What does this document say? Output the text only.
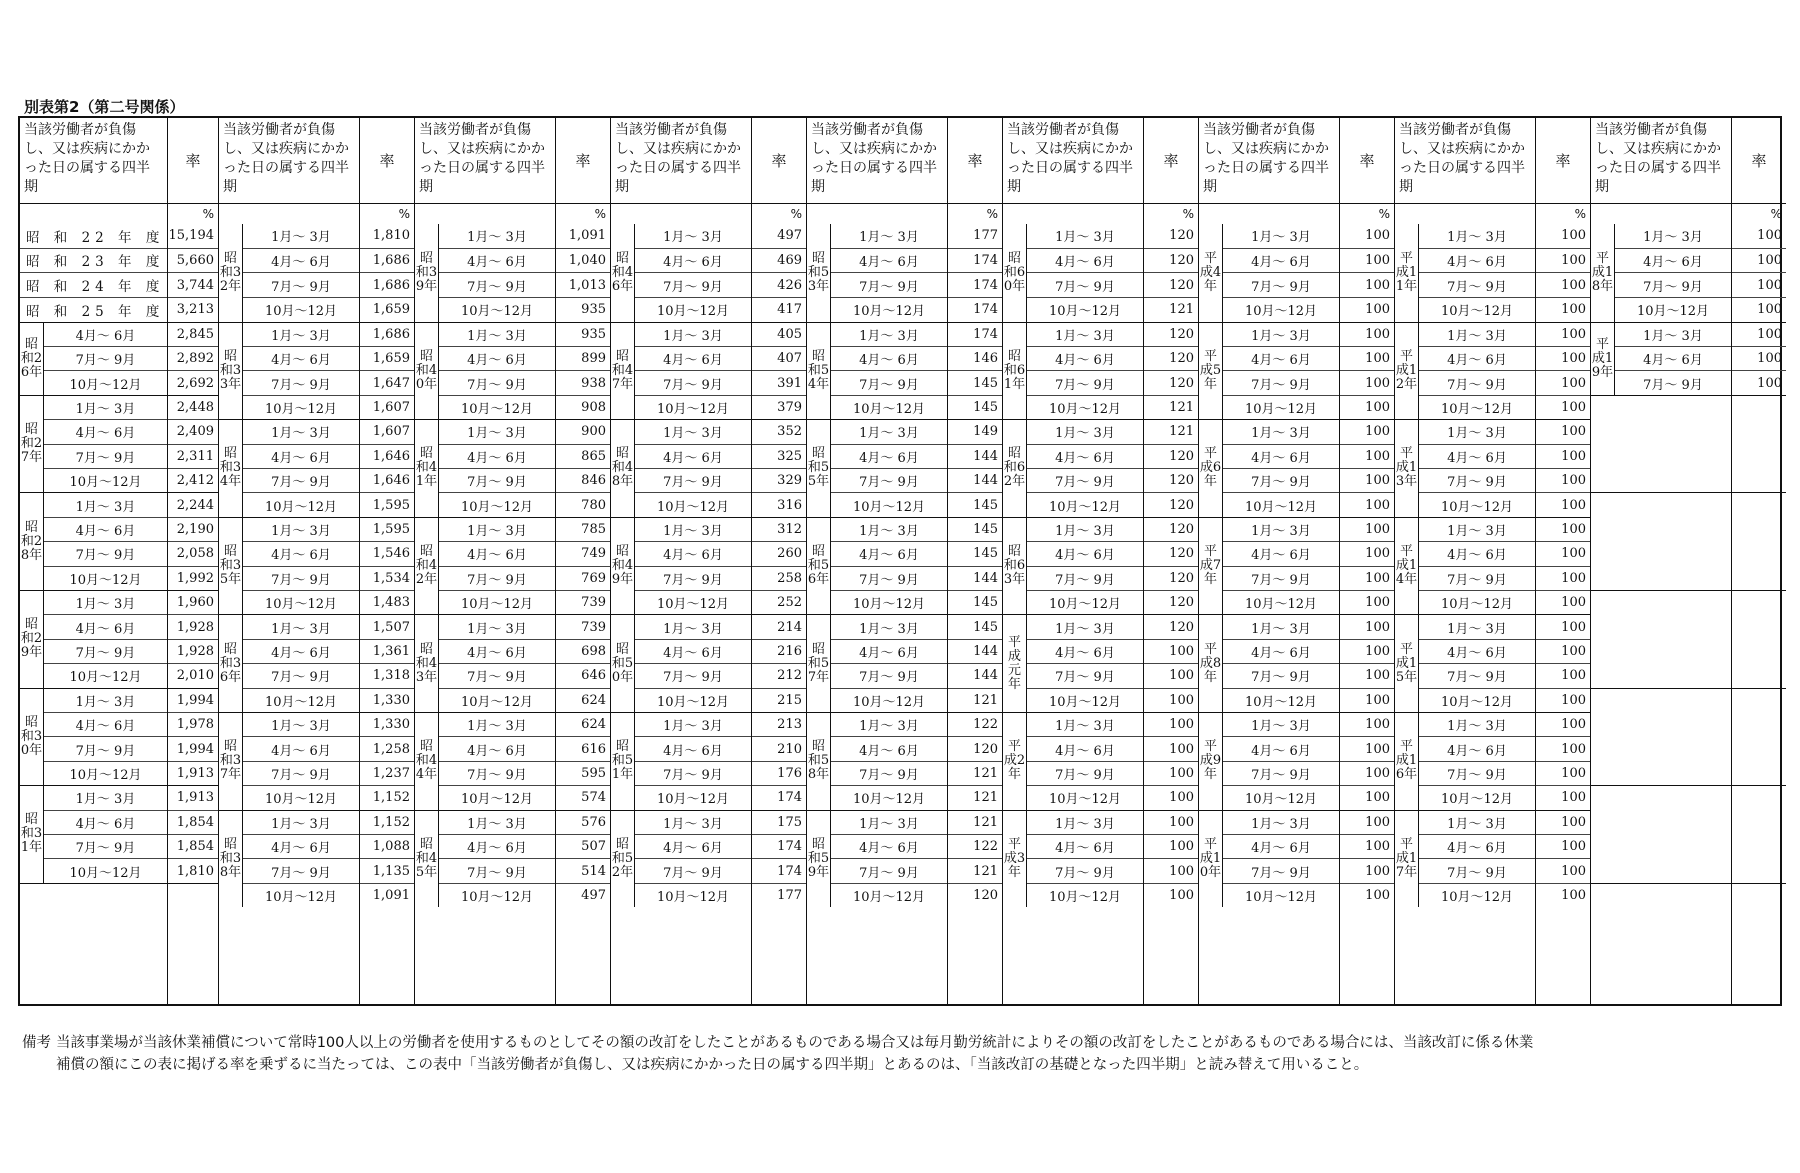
別表第2（第二号関係）
当該労働者が負傷し、又は疾病にかかった日の属する四半期
昭 和 22 年 度
昭 和 23 年 度
昭 和 24 年 度
昭 和 25 年 度
昭和26年
4月～ 6月
7月～ 9月
10月～12月
昭和27年
1月～ 3月
4月～ 6月
7月～ 9月
10月～12月
昭和28年
1月～ 3月
4月～ 6月
7月～ 9月
10月～12月
昭和29年
1月～ 3月
4月～ 6月
7月～ 9月
10月～12月
昭和30年
1月～ 3月
4月～ 6月
7月～ 9月
10月～12月
昭和31年
1月～ 3月
4月～ 6月
7月～ 9月
10月～12月
率
%
15,194
5,660
3,744
3,213
2,845
2,892
2,692
2,448
2,409
2,311
2,412
2,244
2,190
2,058
1,992
1,960
1,928
1,928
2,010
1,994
1,978
1,994
1,913
1,913
1,854
1,854
1,810
当該労働者が負傷し、又は疾病にかかった日の属する四半期
昭和32年
1月～ 3月
4月～ 6月
7月～ 9月
10月～12月
昭和33年
1月～ 3月
4月～ 6月
7月～ 9月
10月～12月
昭和34年
1月～ 3月
4月～ 6月
7月～ 9月
10月～12月
昭和35年
1月～ 3月
4月～ 6月
7月～ 9月
10月～12月
昭和36年
1月～ 3月
4月～ 6月
7月～ 9月
10月～12月
昭和37年
1月～ 3月
4月～ 6月
7月～ 9月
10月～12月
昭和38年
1月～ 3月
4月～ 6月
7月～ 9月
10月～12月
率
%
1,810
1,686
1,686
1,659
1,686
1,659
1,647
1,607
1,607
1,646
1,646
1,595
1,595
1,546
1,534
1,483
1,507
1,361
1,318
1,330
1,330
1,258
1,237
1,152
1,152
1,088
1,135
1,091
当該労働者が負傷し、又は疾病にかかった日の属する四半期
昭和39年
1月～ 3月
4月～ 6月
7月～ 9月
10月～12月
昭和40年
1月～ 3月
4月～ 6月
7月～ 9月
10月～12月
昭和41年
1月～ 3月
4月～ 6月
7月～ 9月
10月～12月
昭和42年
1月～ 3月
4月～ 6月
7月～ 9月
10月～12月
昭和43年
1月～ 3月
4月～ 6月
7月～ 9月
10月～12月
昭和44年
1月～ 3月
4月～ 6月
7月～ 9月
10月～12月
昭和45年
1月～ 3月
4月～ 6月
7月～ 9月
10月～12月
率
%
1,091
1,040
1,013
935
935
899
938
908
900
865
846
780
785
749
769
739
739
698
646
624
624
616
595
574
576
507
514
497
当該労働者が負傷し、又は疾病にかかった日の属する四半期
昭和46年
1月～ 3月
4月～ 6月
7月～ 9月
10月～12月
昭和47年
1月～ 3月
4月～ 6月
7月～ 9月
10月～12月
昭和48年
1月～ 3月
4月～ 6月
7月～ 9月
10月～12月
昭和49年
1月～ 3月
4月～ 6月
7月～ 9月
10月～12月
昭和50年
1月～ 3月
4月～ 6月
7月～ 9月
10月～12月
昭和51年
1月～ 3月
4月～ 6月
7月～ 9月
10月～12月
昭和52年
1月～ 3月
4月～ 6月
7月～ 9月
10月～12月
率
%
497
469
426
417
405
407
391
379
352
325
329
316
312
260
258
252
214
216
212
215
213
210
176
174
175
174
174
177
当該労働者が負傷し、又は疾病にかかった日の属する四半期
昭和53年
1月～ 3月
4月～ 6月
7月～ 9月
10月～12月
昭和54年
1月～ 3月
4月～ 6月
7月～ 9月
10月～12月
昭和55年
1月～ 3月
4月～ 6月
7月～ 9月
10月～12月
昭和56年
1月～ 3月
4月～ 6月
7月～ 9月
10月～12月
昭和57年
1月～ 3月
4月～ 6月
7月～ 9月
10月～12月
昭和58年
1月～ 3月
4月～ 6月
7月～ 9月
10月～12月
昭和59年
1月～ 3月
4月～ 6月
7月～ 9月
10月～12月
率
%
177
174
174
174
174
146
145
145
149
144
144
145
145
145
144
145
145
144
144
121
122
120
121
121
121
122
121
120
当該労働者が負傷し、又は疾病にかかった日の属する四半期
昭和60年
1月～ 3月
4月～ 6月
7月～ 9月
10月～12月
昭和61年
1月～ 3月
4月～ 6月
7月～ 9月
10月～12月
昭和62年
1月～ 3月
4月～ 6月
7月～ 9月
10月～12月
昭和63年
1月～ 3月
4月～ 6月
7月～ 9月
10月～12月
平成元年
1月～ 3月
4月～ 6月
7月～ 9月
10月～12月
平成2年
1月～ 3月
4月～ 6月
7月～ 9月
10月～12月
平成3年
1月～ 3月
4月～ 6月
7月～ 9月
10月～12月
率
%
120
120
120
121
120
120
120
121
121
120
120
120
120
120
120
120
120
100
100
100
100
100
100
100
100
100
100
100
当該労働者が負傷し、又は疾病にかかった日の属する四半期
平成4年
1月～ 3月
4月～ 6月
7月～ 9月
10月～12月
平成5年
1月～ 3月
4月～ 6月
7月～ 9月
10月～12月
平成6年
1月～ 3月
4月～ 6月
7月～ 9月
10月～12月
平成7年
1月～ 3月
4月～ 6月
7月～ 9月
10月～12月
平成8年
1月～ 3月
4月～ 6月
7月～ 9月
10月～12月
平成9年
1月～ 3月
4月～ 6月
7月～ 9月
10月～12月
平成10年
1月～ 3月
4月～ 6月
7月～ 9月
10月～12月
率
%
100
100
100
100
100
100
100
100
100
100
100
100
100
100
100
100
100
100
100
100
100
100
100
100
100
100
100
100
当該労働者が負傷し、又は疾病にかかった日の属する四半期
平成11年
1月～ 3月
4月～ 6月
7月～ 9月
10月～12月
平成12年
1月～ 3月
4月～ 6月
7月～ 9月
10月～12月
平成13年
1月～ 3月
4月～ 6月
7月～ 9月
10月～12月
平成14年
1月～ 3月
4月～ 6月
7月～ 9月
10月～12月
平成15年
1月～ 3月
4月～ 6月
7月～ 9月
10月～12月
平成16年
1月～ 3月
4月～ 6月
7月～ 9月
10月～12月
平成17年
1月～ 3月
4月～ 6月
7月～ 9月
10月～12月
率
%
100
100
100
100
100
100
100
100
100
100
100
100
100
100
100
100
100
100
100
100
100
100
100
100
100
100
100
100
当該労働者が負傷し、又は疾病にかかった日の属する四半期
平成18年
1月～ 3月
4月～ 6月
7月～ 9月
10月～12月
平成19年
1月～ 3月
4月～ 6月
7月～ 9月
率
%
100
100
100
100
100
100
100
備考 当該事業場が当該休業補償について常時100人以上の労働者を使用するものとしてその額の改訂をしたことがあるものである場合又は毎月勤労統計によりその額の改訂をしたことがあるものである場合には、当該改訂に係る休業
補償の額にこの表に掲げる率を乗ずるに当たっては、この表中「当該労働者が負傷し、又は疾病にかかった日の属する四半期」とあるのは、「当該改訂の基礎となった四半期」と読み替えて用いること。
